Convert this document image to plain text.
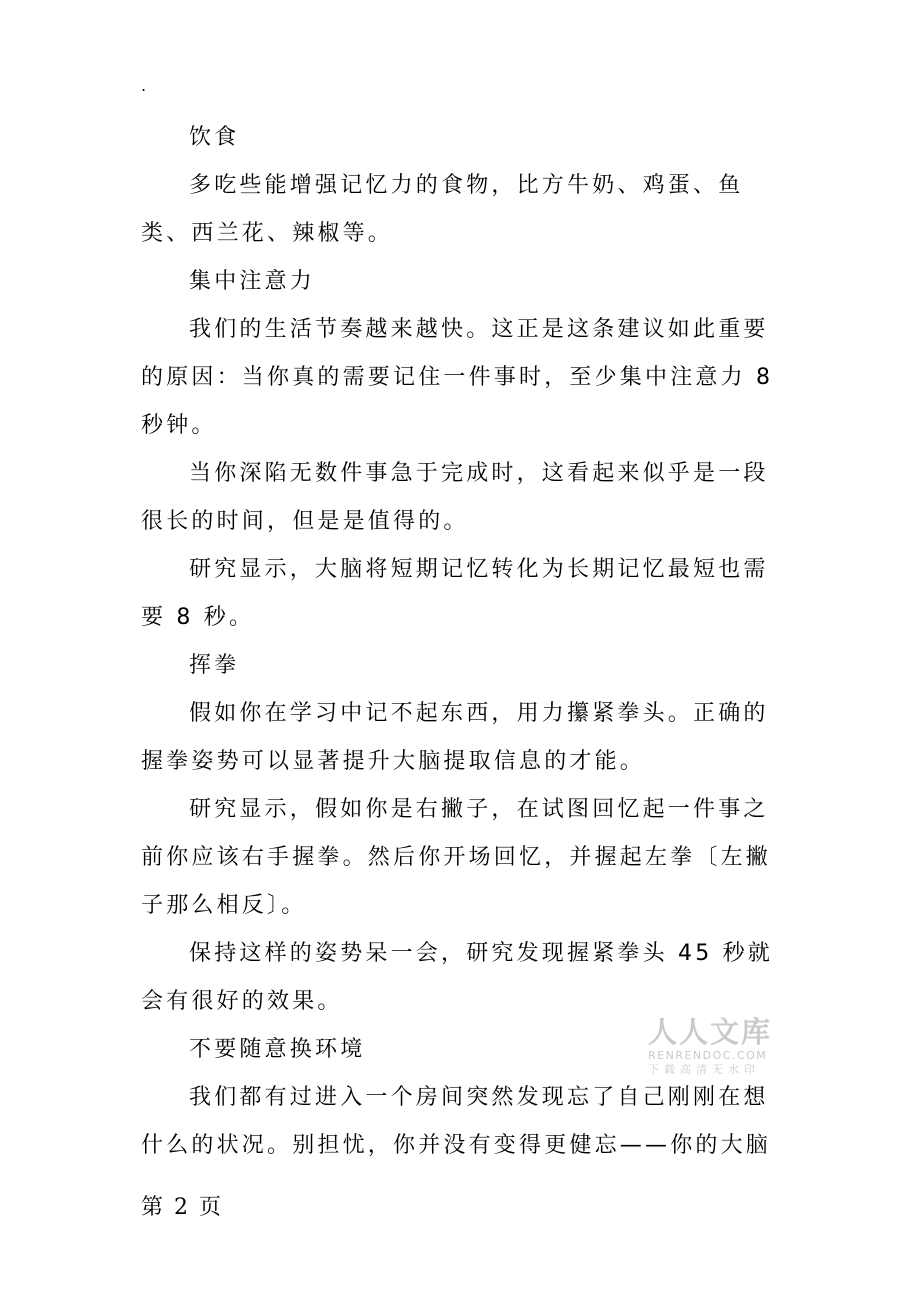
.

饮食

多吃些能增强记忆力的食物，比方牛奶、鸡蛋、鱼类、西兰花、辣椒等。

集中注意力

我们的生活节奏越来越快。这正是这条建议如此重要的原因：当你真的需要记住一件事时，至少集中注意力 8 秒钟。

当你深陷无数件事急于完成时，这看起来似乎是一段很长的时间，但是是值得的。

研究显示，大脑将短期记忆转化为长期记忆最短也需要 8 秒。

挥拳

假如你在学习中记不起东西，用力攥紧拳头。正确的握拳姿势可以显著提升大脑提取信息的才能。

研究显示，假如你是右撇子，在试图回忆起一件事之前你应该右手握拳。然后你开场回忆，并握起左拳〔左撇子那么相反〕。

保持这样的姿势呆一会，研究发现握紧拳头 45 秒就会有很好的效果。

不要随意换环境

我们都有过进入一个房间突然发现忘了自己刚刚在想什么的状况。别担忧，你并没有变得更健忘——你的大脑

人人文库
RENRENDOC.COM
下载高清无水印
第 2 页
